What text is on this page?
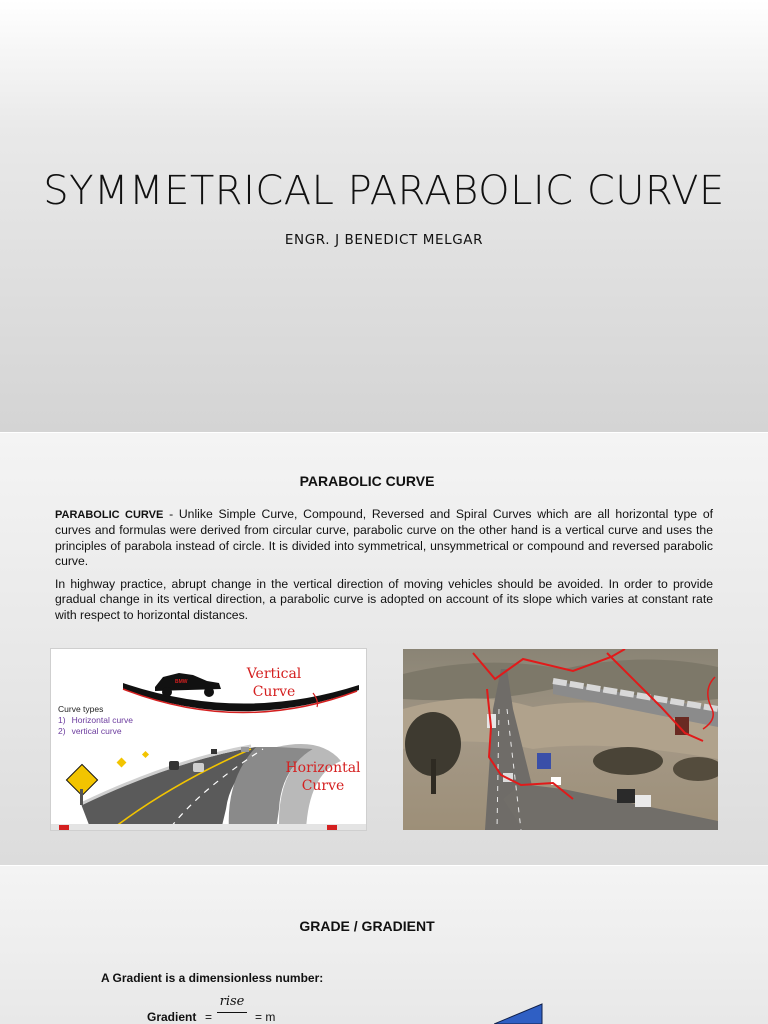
SYMMETRICAL PARABOLIC CURVE
ENGR. J BENEDICT MELGAR
PARABOLIC CURVE
PARABOLIC CURVE - Unlike Simple Curve, Compound, Reversed and Spiral Curves which are all horizontal type of curves and formulas were derived from circular curve, parabolic curve on the other hand is a vertical curve and uses the principles of parabola instead of circle. It is divided into symmetrical, unsymmetrical or compound and reversed parabolic curve.
In highway practice, abrupt change in the vertical direction of moving vehicles should be avoided. In order to provide gradual change in its vertical direction, a parabolic curve is adopted on account of its slope which varies at constant rate with respect to horizontal distances.
Vertical
Curve
Horizontal
Curve
BMW
Curve types
1) Horizontal curve
2) vertical curve
GRADE / GRADIENT
A Gradient is a dimensionless number:
Gradient =
rise
= m
